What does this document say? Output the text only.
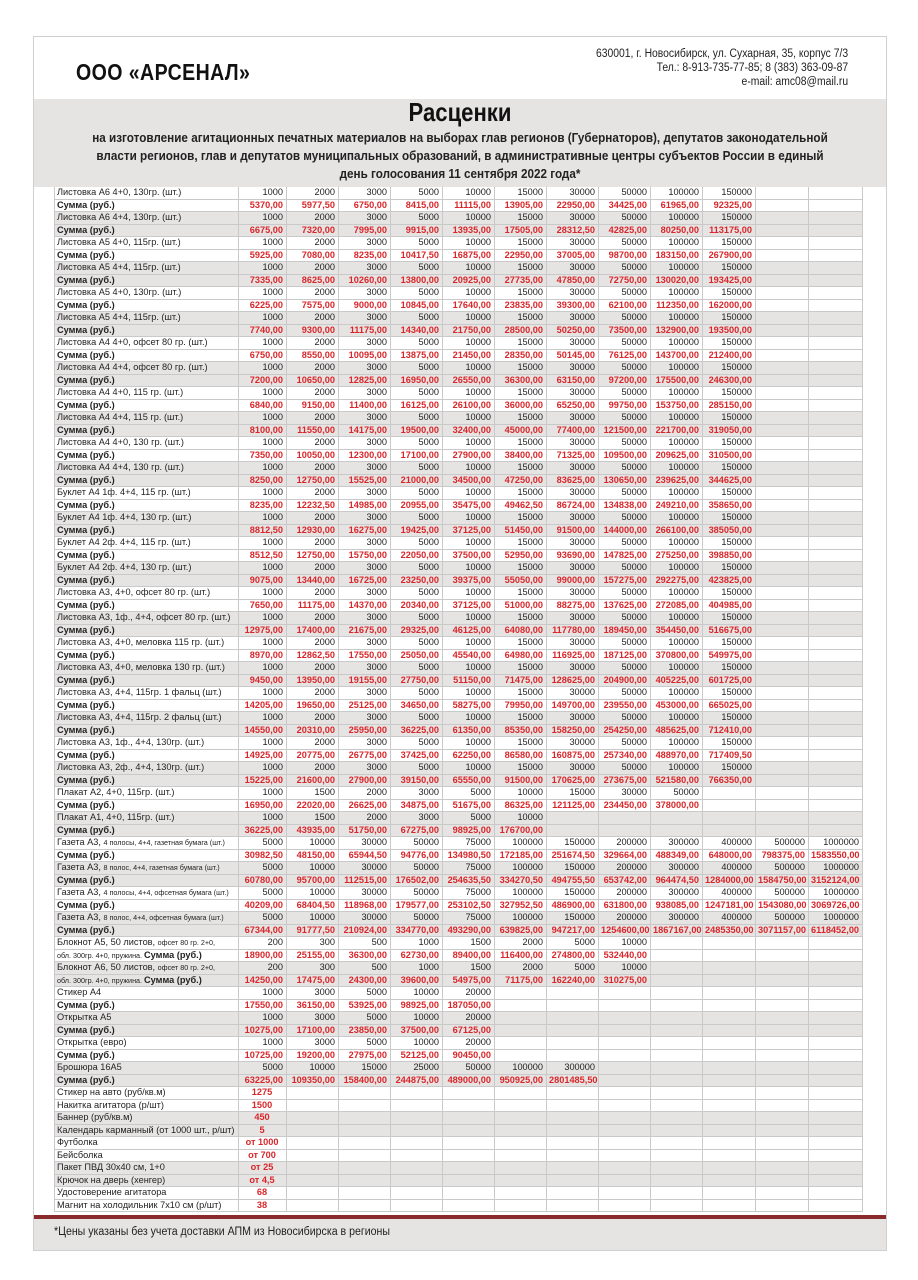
ООО «АРСЕНАЛ»
630001, г. Новосибирск, ул. Сухарная, 35, корпус 7/3
Тел.: 8-913-735-77-85; 8 (383) 363-09-87
e-mail: amc08@mail.ru
Расценки
на изготовление агитационных печатных материалов на выборах глав регионов (Губернаторов), депутатов законодательной власти регионов, глав и депутатов муниципальных образований, в административные центры субъектов России в единый день голосования 11 сентября 2022 года*
Листовка А6 4+0, 130гр. (шт.)	1000	2000	3000	5000	10000	15000	30000	50000	100000	150000		
Сумма (руб.)	5370,00	5977,50	6750,00	8415,00	11115,00	13905,00	22950,00	34425,00	61965,00	92325,00		
Листовка А6 4+4, 130гр. (шт.)	1000	2000	3000	5000	10000	15000	30000	50000	100000	150000		
Сумма (руб.)	6675,00	7320,00	7995,00	9915,00	13935,00	17505,00	28312,50	42825,00	80250,00	113175,00		
Листовка А5 4+0, 115гр. (шт.)	1000	2000	3000	5000	10000	15000	30000	50000	100000	150000		
Сумма (руб.)	5925,00	7080,00	8235,00	10417,50	16875,00	22950,00	37005,00	98700,00	183150,00	267900,00		
Листовка А5 4+4, 115гр. (шт.)	1000	2000	3000	5000	10000	15000	30000	50000	100000	150000		
Сумма (руб.)	7335,00	8625,00	10260,00	13800,00	20925,00	27735,00	47850,00	72750,00	130020,00	193425,00		
Листовка А5 4+0, 130гр. (шт.)	1000	2000	3000	5000	10000	15000	30000	50000	100000	150000		
Сумма (руб.)	6225,00	7575,00	9000,00	10845,00	17640,00	23835,00	39300,00	62100,00	112350,00	162000,00		
Листовка А5 4+4, 115гр. (шт.)	1000	2000	3000	5000	10000	15000	30000	50000	100000	150000		
Сумма (руб.)	7740,00	9300,00	11175,00	14340,00	21750,00	28500,00	50250,00	73500,00	132900,00	193500,00		
Листовка А4 4+0, офсет 80 гр. (шт.)	1000	2000	3000	5000	10000	15000	30000	50000	100000	150000		
Сумма (руб.)	6750,00	8550,00	10095,00	13875,00	21450,00	28350,00	50145,00	76125,00	143700,00	212400,00		
Листовка А4 4+4, офсет 80 гр. (шт.)	1000	2000	3000	5000	10000	15000	30000	50000	100000	150000		
Сумма (руб.)	7200,00	10650,00	12825,00	16950,00	26550,00	36300,00	63150,00	97200,00	175500,00	246300,00		
Листовка А4 4+0, 115 гр. (шт.)	1000	2000	3000	5000	10000	15000	30000	50000	100000	150000		
Сумма (руб.)	6840,00	9150,00	11400,00	16125,00	26100,00	36000,00	65250,00	99750,00	153750,00	285150,00		
Листовка А4 4+4, 115 гр. (шт.)	1000	2000	3000	5000	10000	15000	30000	50000	100000	150000		
Сумма (руб.)	8100,00	11550,00	14175,00	19500,00	32400,00	45000,00	77400,00	121500,00	221700,00	319050,00		
Листовка А4 4+0, 130 гр. (шт.)	1000	2000	3000	5000	10000	15000	30000	50000	100000	150000		
Сумма (руб.)	7350,00	10050,00	12300,00	17100,00	27900,00	38400,00	71325,00	109500,00	209625,00	310500,00		
Листовка А4 4+4, 130 гр. (шт.)	1000	2000	3000	5000	10000	15000	30000	50000	100000	150000		
Сумма (руб.)	8250,00	12750,00	15525,00	21000,00	34500,00	47250,00	83625,00	130650,00	239625,00	344625,00		
Буклет А4 1ф. 4+4, 115 гр. (шт.)	1000	2000	3000	5000	10000	15000	30000	50000	100000	150000		
Сумма (руб.)	8235,00	12232,50	14985,00	20955,00	35475,00	49462,50	86724,00	134838,00	249210,00	358650,00		
Буклет А4 1ф. 4+4, 130 гр. (шт.)	1000	2000	3000	5000	10000	15000	30000	50000	100000	150000		
Сумма (руб.)	8812,50	12930,00	16275,00	19425,00	37125,00	51450,00	91500,00	144000,00	266100,00	385050,00		
Буклет А4 2ф. 4+4, 115 гр. (шт.)	1000	2000	3000	5000	10000	15000	30000	50000	100000	150000		
Сумма (руб.)	8512,50	12750,00	15750,00	22050,00	37500,00	52950,00	93690,00	147825,00	275250,00	398850,00		
Буклет А4 2ф. 4+4, 130 гр. (шт.)	1000	2000	3000	5000	10000	15000	30000	50000	100000	150000		
Сумма (руб.)	9075,00	13440,00	16725,00	23250,00	39375,00	55050,00	99000,00	157275,00	292275,00	423825,00		
Листовка А3, 4+0, офсет 80 гр. (шт.)	1000	2000	3000	5000	10000	15000	30000	50000	100000	150000		
Сумма (руб.)	7650,00	11175,00	14370,00	20340,00	37125,00	51000,00	88275,00	137625,00	272085,00	404985,00		
Листовка А3, 1ф., 4+4, офсет 80 гр. (шт.)	1000	2000	3000	5000	10000	15000	30000	50000	100000	150000		
Сумма (руб.)	12975,00	17400,00	21675,00	29325,00	46125,00	64080,00	117780,00	189450,00	354450,00	516675,00		
Листовка А3, 4+0, меловка 115 гр. (шт.)	1000	2000	3000	5000	10000	15000	30000	50000	100000	150000		
Сумма (руб.)	8970,00	12862,50	17550,00	25050,00	45540,00	64980,00	116925,00	187125,00	370800,00	549975,00		
Листовка А3, 4+0, меловка 130 гр. (шт.)	1000	2000	3000	5000	10000	15000	30000	50000	100000	150000		
Сумма (руб.)	9450,00	13950,00	19155,00	27750,00	51150,00	71475,00	128625,00	204900,00	405225,00	601725,00		
Листовка А3, 4+4, 115гр. 1 фальц (шт.)	1000	2000	3000	5000	10000	15000	30000	50000	100000	150000		
Сумма (руб.)	14205,00	19650,00	25125,00	34650,00	58275,00	79950,00	149700,00	239550,00	453000,00	665025,00		
Листовка А3, 4+4, 115гр. 2 фальц (шт.)	1000	2000	3000	5000	10000	15000	30000	50000	100000	150000		
Сумма (руб.)	14550,00	20310,00	25950,00	36225,00	61350,00	85350,00	158250,00	254250,00	485625,00	712410,00		
Листовка А3, 1ф., 4+4, 130гр. (шт.)	1000	2000	3000	5000	10000	15000	30000	50000	100000	150000		
Сумма (руб.)	14925,00	20775,00	26775,00	37425,00	62250,00	86580,00	160875,00	257340,00	488970,00	717409,50		
Листовка А3, 2ф., 4+4, 130гр. (шт.)	1000	2000	3000	5000	10000	15000	30000	50000	100000	150000		
Сумма (руб.)	15225,00	21600,00	27900,00	39150,00	65550,00	91500,00	170625,00	273675,00	521580,00	766350,00		
Плакат А2, 4+0, 115гр. (шт.)	1000	1500	2000	3000	5000	10000	15000	30000	50000			
Сумма (руб.)	16950,00	22020,00	26625,00	34875,00	51675,00	86325,00	121125,00	234450,00	378000,00			
Плакат А1, 4+0, 115гр. (шт.)	1000	1500	2000	3000	5000	10000						
Сумма (руб.)	36225,00	43935,00	51750,00	67275,00	98925,00	176700,00						
Газета А3, 4 полосы, 4+4, газетная бумага (шт.)	5000	10000	30000	50000	75000	100000	150000	200000	300000	400000	500000	1000000
Сумма (руб.)	30982,50	48150,00	65944,50	94776,00	134980,50	172185,00	251674,50	329664,00	488349,00	648000,00	798375,00	1583550,00
Газета А3, 8 полос, 4+4, газетная бумага (шт.)	5000	10000	30000	50000	75000	100000	150000	200000	300000	400000	500000	1000000
Сумма (руб.)	60780,00	95700,00	112515,00	176502,00	254635,50	334270,50	494755,50	653742,00	964474,50	1284000,00	1584750,00	3152124,00
Газета А3, 4 полосы, 4+4, офсетная бумага (шт.)	5000	10000	30000	50000	75000	100000	150000	200000	300000	400000	500000	1000000
Сумма (руб.)	40209,00	68404,50	118968,00	179577,00	253102,50	327952,50	486900,00	631800,00	938085,00	1247181,00	1543080,00	3069726,00
Газета А3, 8 полос, 4+4, офсетная бумага (шт.)	5000	10000	30000	50000	75000	100000	150000	200000	300000	400000	500000	1000000
Сумма (руб.)	67344,00	91777,50	210924,00	334770,00	493290,00	639825,00	947217,00	1254600,00	1867167,00	2485350,00	3071157,00	6118452,00
Блокнот А5, 50 листов, офсет 80 гр. 2+0,	200	300	500	1000	1500	2000	5000	10000				
обл. 300гр. 4+0, пружина. Сумма (руб.)	18900,00	25155,00	36300,00	62730,00	89400,00	116400,00	274800,00	532440,00				
Блокнот А6, 50 листов, офсет 80 гр. 2+0,	200	300	500	1000	1500	2000	5000	10000				
обл. 300гр. 4+0, пружина. Сумма (руб.)	14250,00	17475,00	24300,00	39600,00	54975,00	71175,00	162240,00	310275,00				
Стикер А4	1000	3000	5000	10000	20000							
Сумма (руб.)	17550,00	36150,00	53925,00	98925,00	187050,00							
Открытка А5	1000	3000	5000	10000	20000							
Сумма (руб.)	10275,00	17100,00	23850,00	37500,00	67125,00							
Открытка (евро)	1000	3000	5000	10000	20000							
Сумма (руб.)	10725,00	19200,00	27975,00	52125,00	90450,00							
Брошюра 16А5	5000	10000	15000	25000	50000	100000	300000					
Сумма (руб.)	63225,00	109350,00	158400,00	244875,00	489000,00	950925,00	2801485,50					
Стикер на авто (руб/кв.м)	1275											
Накитка агитатора (р/шт)	1500											
Баннер (руб/кв.м)	450											
Календарь карманный (от 1000 шт., р/шт)	5											
Футболка	от 1000											
Бейсболка	от 700											
Пакет ПВД 30х40 см, 1+0	от 25											
Крючок на дверь (хенгер)	от 4,5											
Удостоверение агитатора	68											
Магнит на холодильник 7х10 см (р/шт)	38											
*Цены указаны без учета доставки АПМ из Новосибирска в регионы
